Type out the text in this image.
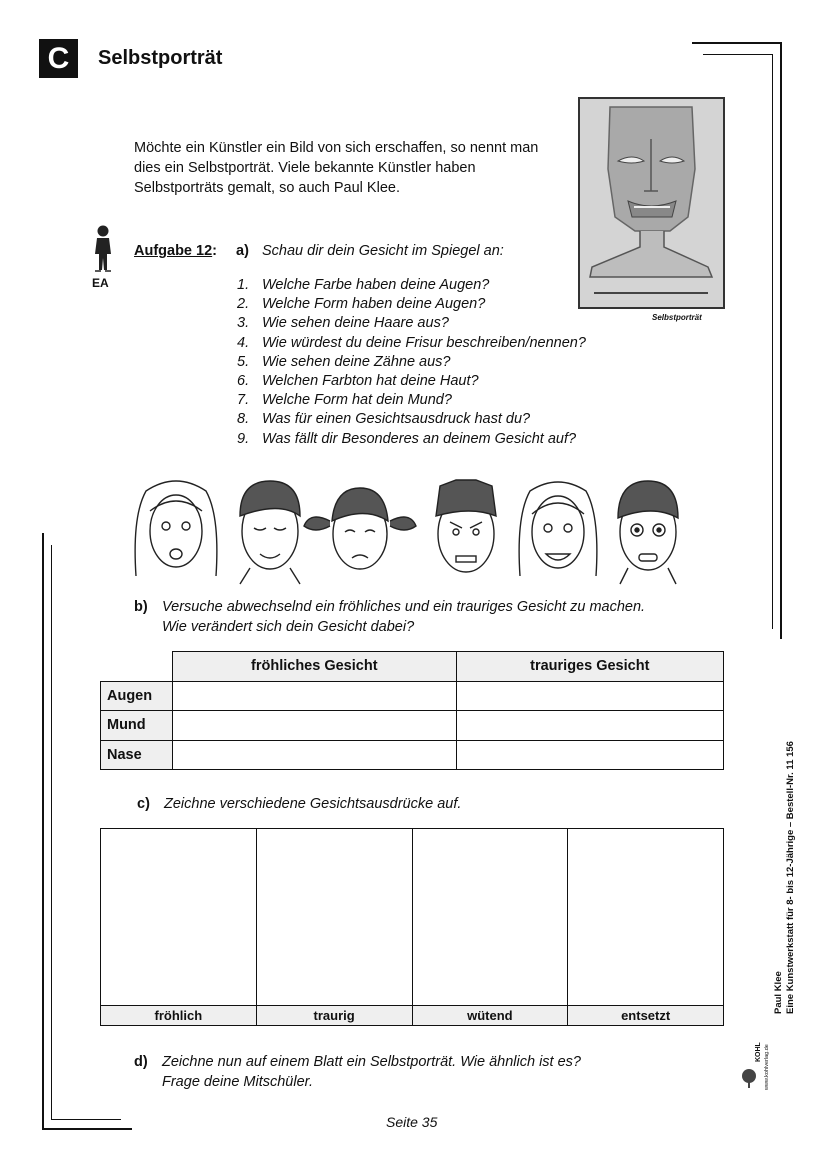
C	Selbstporträt
Möchte ein Künstler ein Bild von sich erschaffen, so nennt man dies ein Selbstporträt. Viele bekannte Künstler haben Selbstporträts gemalt, so auch Paul Klee.
Selbstporträt
EA
Aufgabe 12: a) Schau dir dein Gesicht im Spiegel an:
1. Welche Farbe haben deine Augen?
2. Welche Form haben deine Augen?
3. Wie sehen deine Haare aus?
4. Wie würdest du deine Frisur beschreiben/nennen?
5. Wie sehen deine Zähne aus?
6. Welchen Farbton hat deine Haut?
7. Welche Form hat dein Mund?
8. Was für einen Gesichtsausdruck hast du?
9. Was fällt dir Besonderes an deinem Gesicht auf?
b) Versuche abwechselnd ein fröhliches und ein trauriges Gesicht zu machen.
Wie verändert sich dein Gesicht dabei?
	fröhliches Gesicht	trauriges Gesicht
Augen		
Mund		
Nase		
c) Zeichne verschiedene Gesichtsausdrücke auf.

fröhlich	traurig	wütend	entsetzt
d) Zeichne nun auf einem Blatt ein Selbstporträt. Wie ähnlich ist es?
Frage deine Mitschüler.
Seite 35
Paul Klee Eine Kunstwerkstatt für 8- bis 12-Jährige – Bestell-Nr. 11 156
KOHL www.kohlverlag.de
